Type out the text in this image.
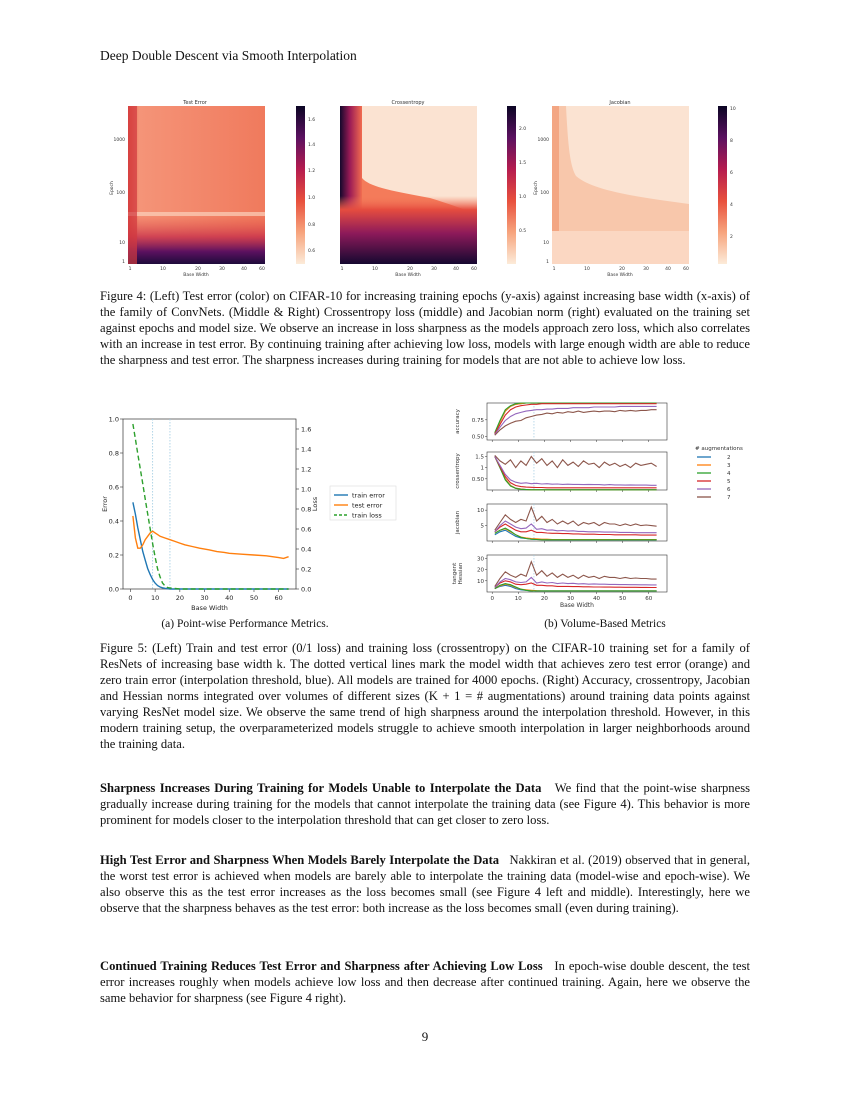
Deep Double Descent via Smooth Interpolation
Test Error
1000
100
10
1
Epoch
1	10	20	30	40	60
Base Width
1.6
1.4
1.2
1.0
0.8
0.6
Crossentropy
1	10	20	30	40	60
Base Width
2.0
1.5
1.0
0.5
Jacobian
1000
100
10
1
Epoch
1	10	20	30	40	60
Base Width
10
8
6
4
2
Figure 4: (Left) Test error (color) on CIFAR-10 for increasing training epochs (y-axis) against increasing base width (x-axis) of the family of ConvNets. (Middle & Right) Crossentropy loss (middle) and Jacobian norm (right) evaluated on the training set against epochs and model size. We observe an increase in loss sharpness as the models approach zero loss, which also correlates with an increase in test error. By continuing training after achieving low loss, models with large enough width are able to reduce the sharpness and test error. The sharpness increases during training for models that are not able to achieve low loss.
0	10	20	30	40	50	60
0.0
0.2
0.4
0.6
0.8
1.0
0.0
0.2
0.4
0.6
0.8
1.0
1.2
1.4
1.6
Base Width
Error	Loss
train error
test error
train loss
0.50
0.75
accuracy
0.50
1
1.5
crossentropy
5
10
jacobian
10
20
30
tangent Hessian
0	10	20	30	40	50	60
Base Width
# augmentations
2
3
4
5
6
7
(a) Point-wise Performance Metrics.	(b) Volume-Based Metrics
Figure 5: (Left) Train and test error (0/1 loss) and training loss (crossentropy) on the CIFAR-10 training set for a family of ResNets of increasing base width k. The dotted vertical lines mark the model width that achieves zero test error (orange) and zero train error (interpolation threshold, blue). All models are trained for 4000 epochs. (Right) Accuracy, crossentropy, Jacobian and Hessian norms integrated over volumes of different sizes (K + 1 = # augmentations) around training data points against varying ResNet model size. We observe the same trend of high sharpness around the interpolation threshold. However, in this modern training setup, the overparameterized models struggle to achieve smooth interpolation in larger neighborhoods around the training data.
Sharpness Increases During Training for Models Unable to Interpolate the Data We find that the point-wise sharpness gradually increase during training for the models that cannot interpolate the training data (see Figure 4). This behavior is more prominent for models closer to the interpolation threshold that can get closer to zero loss.
High Test Error and Sharpness When Models Barely Interpolate the Data Nakkiran et al. (2019) observed that in general, the worst test error is achieved when models are barely able to interpolate the training data (model-wise and epoch-wise). We also observe this as the test error increases as the loss becomes small (see Figure 4 left and middle). Interestingly, here we observe that the sharpness behaves as the test error: both increase as the loss becomes small (even during training).
Continued Training Reduces Test Error and Sharpness after Achieving Low Loss In epoch-wise double descent, the test error increases roughly when models achieve low loss and then decrease after continued training. Again, here we observe the same behavior for sharpness (see Figure 4 right).
9
